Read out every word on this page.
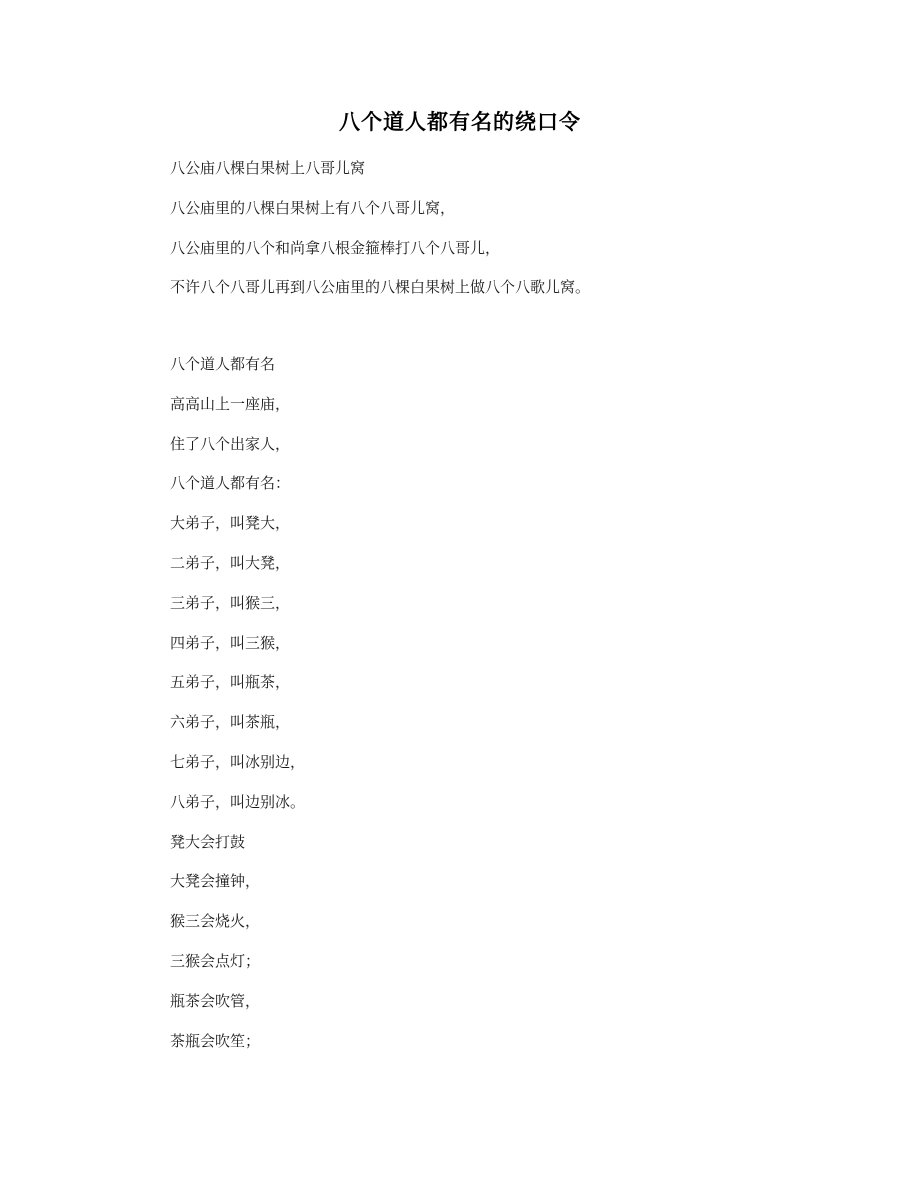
八个道人都有名的绕口令
八公庙八棵白果树上八哥儿窝
八公庙里的八棵白果树上有八个八哥儿窝，
八公庙里的八个和尚拿八根金箍棒打八个八哥儿，
不许八个八哥儿再到八公庙里的八棵白果树上做八个八歌儿窝。
八个道人都有名
高高山上一座庙，
住了八个出家人，
八个道人都有名：
大弟子，叫凳大，
二弟子，叫大凳，
三弟子，叫猴三，
四弟子，叫三猴，
五弟子，叫瓶茶，
六弟子，叫茶瓶，
七弟子，叫冰别边，
八弟子，叫边别冰。
凳大会打鼓
大凳会撞钟，
猴三会烧火，
三猴会点灯；
瓶茶会吹管，
茶瓶会吹笙；
